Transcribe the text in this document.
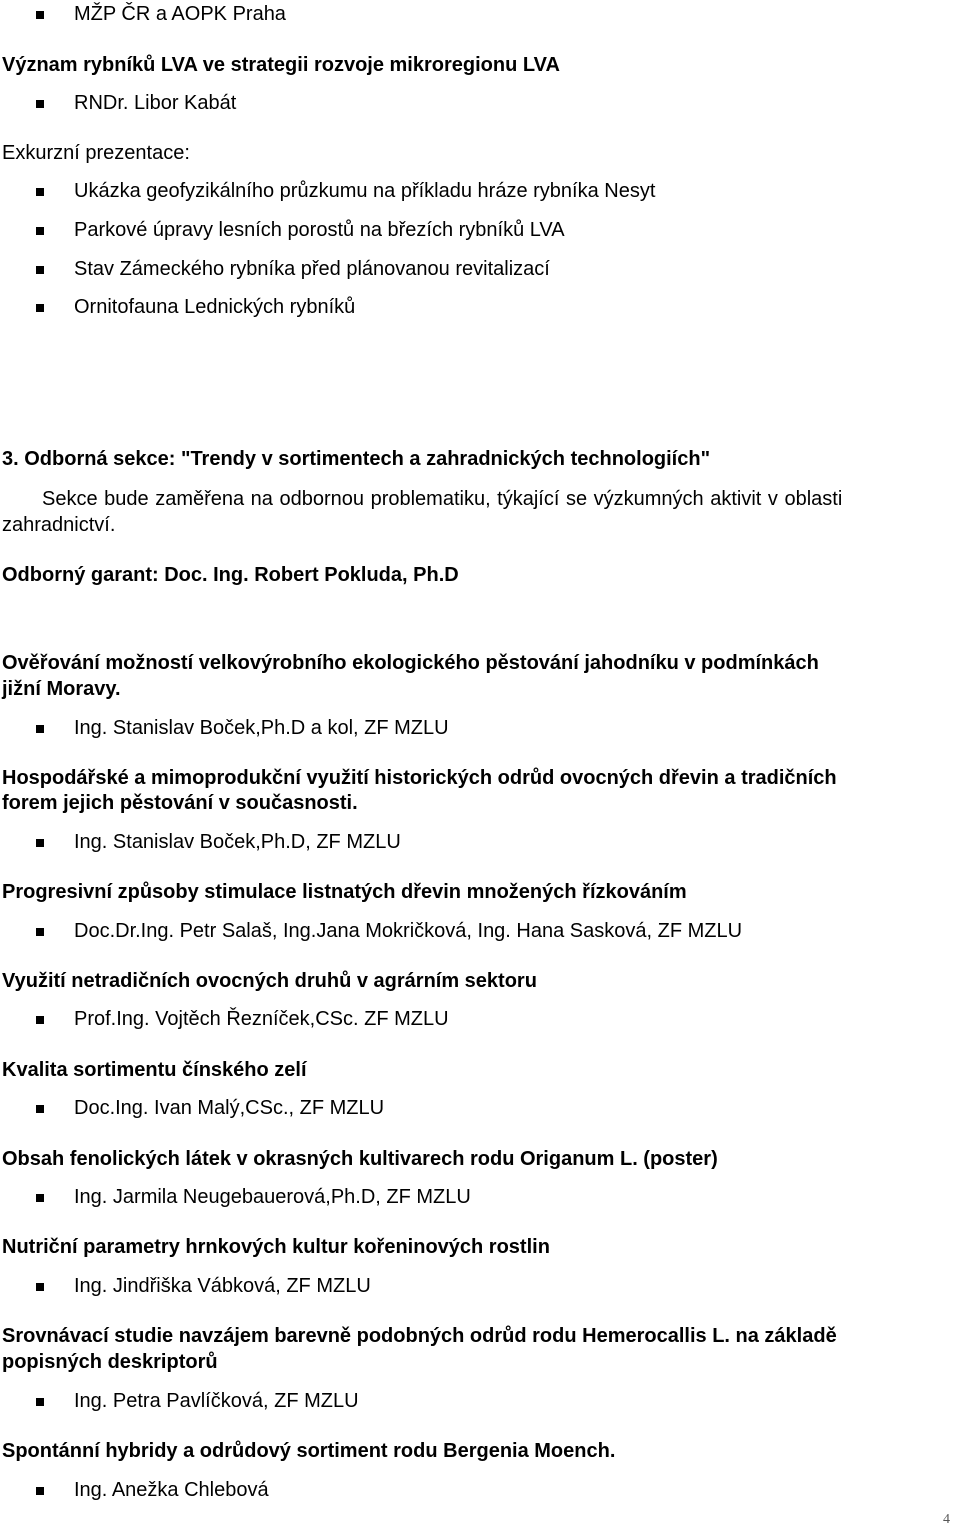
MŽP ČR a AOPK Praha
Význam rybníků LVA ve strategii rozvoje mikroregionu LVA
RNDr. Libor Kabát
Exkurzní prezentace:
Ukázka geofyzikálního průzkumu na příkladu hráze rybníka Nesyt
Parkové úpravy lesních porostů na březích rybníků LVA
Stav Zámeckého rybníka před plánovanou revitalizací
Ornitofauna Lednických rybníků
3. Odborná sekce: "Trendy v sortimentech a zahradnických technologiích"
Sekce bude zaměřena na odbornou problematiku, týkající se výzkumných aktivit v oblasti
zahradnictví.
Odborný garant: Doc. Ing. Robert Pokluda, Ph.D
Ověřování možností velkovýrobního ekologického pěstování jahodníku v podmínkách
jižní Moravy.
Ing. Stanislav Boček,Ph.D a kol, ZF MZLU
Hospodářské a mimoprodukční využití historických odrůd ovocných dřevin a tradičních
forem jejich pěstování v současnosti.
Ing. Stanislav Boček,Ph.D, ZF MZLU
Progresivní způsoby stimulace listnatých dřevin množených řízkováním
Doc.Dr.Ing. Petr Salaš, Ing.Jana Mokričková, Ing. Hana Sasková, ZF MZLU
Využití netradičních ovocných druhů v agrárním sektoru
Prof.Ing. Vojtěch Řezníček,CSc. ZF MZLU
Kvalita sortimentu čínského zelí
Doc.Ing. Ivan Malý,CSc., ZF MZLU
Obsah fenolických látek v okrasných kultivarech rodu Origanum L. (poster)
Ing. Jarmila Neugebauerová,Ph.D, ZF MZLU
Nutriční parametry hrnkových kultur kořeninových rostlin
Ing. Jindřiška Vábková, ZF MZLU
Srovnávací studie navzájem barevně podobných odrůd rodu Hemerocallis L. na základě
popisných deskriptorů
Ing. Petra Pavlíčková, ZF MZLU
Spontánní hybridy a odrůdový sortiment rodu Bergenia Moench.
Ing. Anežka Chlebová
4
